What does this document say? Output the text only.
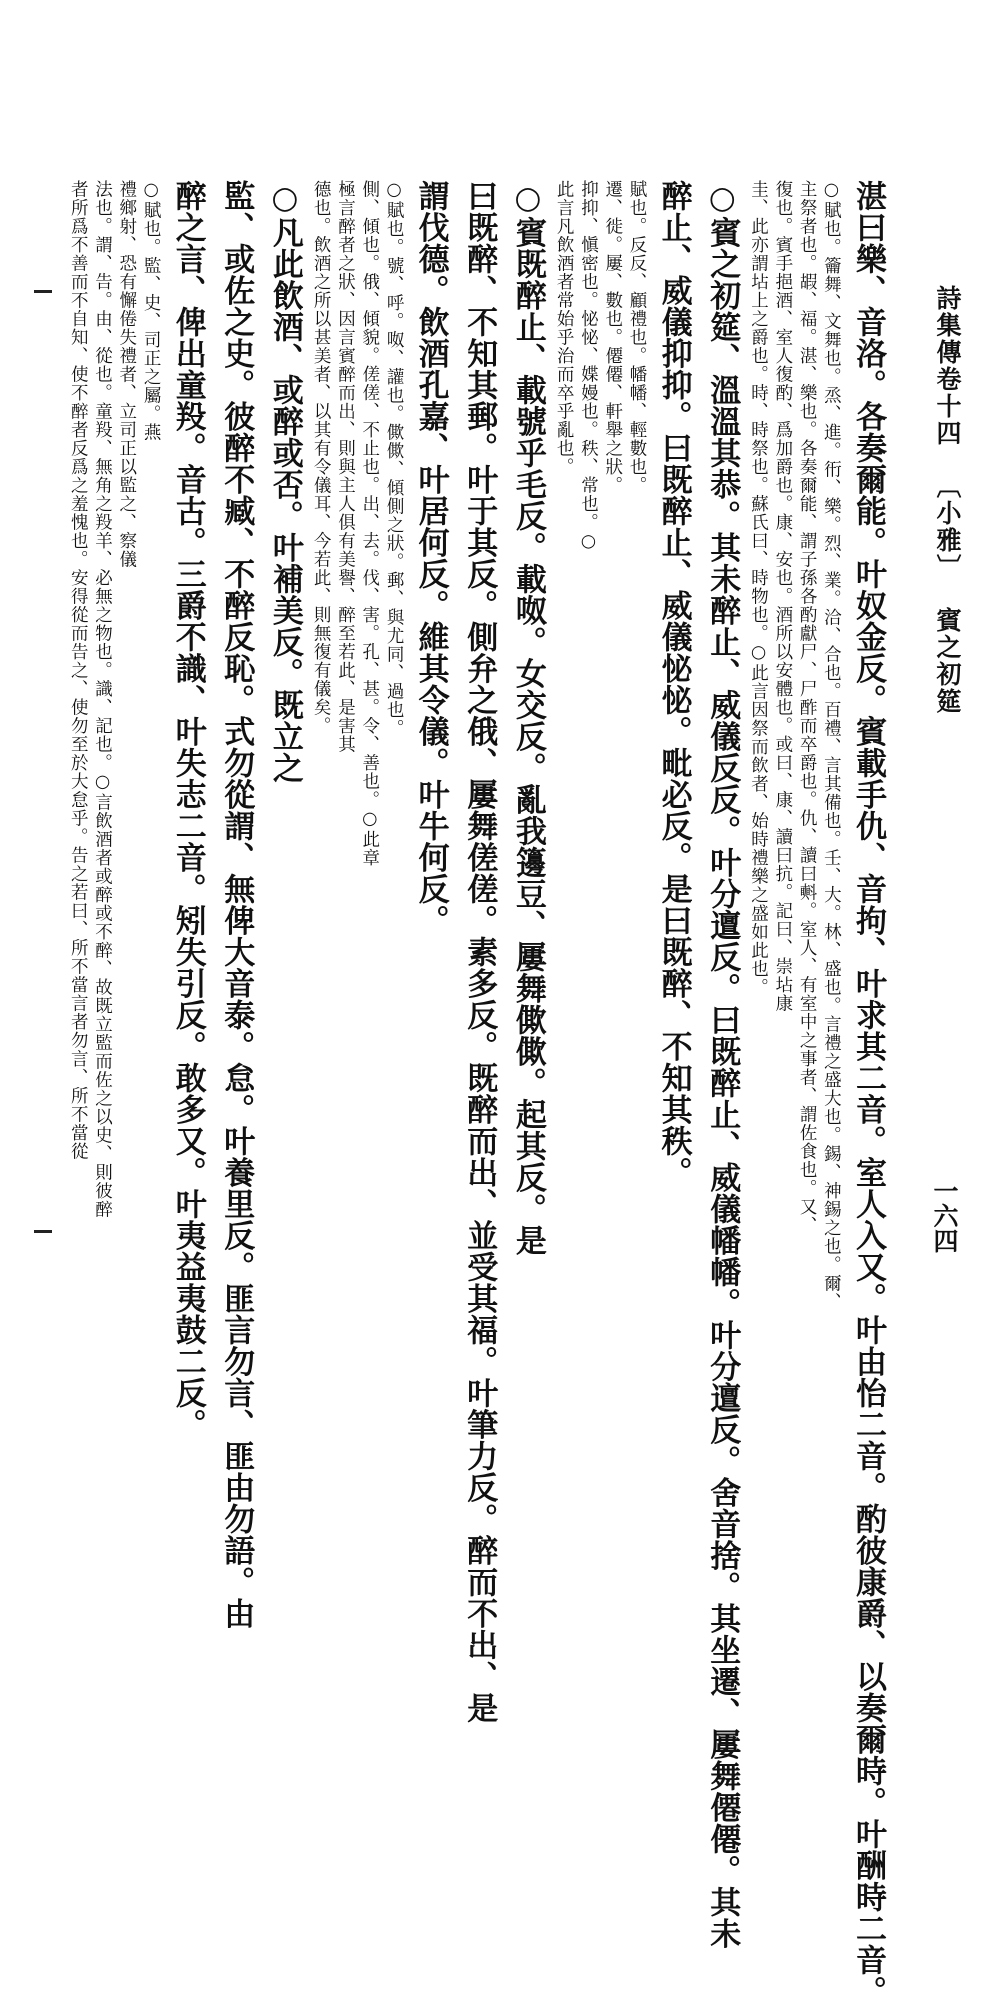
詩集傳卷十四〔小雅〕賓之初筵
一六四
湛曰樂、音洛。各奏爾能。叶奴金反。賓載手仇、音拘、叶求其二音。室人入又。叶由怡二音。酌彼康爵、以奏爾時。叶酬時二音。
○賦也。籥舞、文舞也。烝、進。衎、樂。烈、業。洽、合也。百禮、言其備也。壬、大。林、盛也。言禮之盛大也。錫、神錫之也。爾、
主祭者也。嘏、福。湛、樂也。各奏爾能、謂子孫各酌獻尸、尸酢而卒爵也。仇、讀曰㪺。室人、有室中之事者、謂佐食也。又、
復也。賓手挹酒、室人復酌、爲加爵也。康、安也。酒所以安體也。或曰、康、讀曰抗。記曰、崇坫康
圭、此亦謂坫上之爵也。時、時祭也。蘇氏曰、時物也。○此言因祭而飲者、始時禮樂之盛如此也。
○賓之初筵、溫溫其恭。其未醉止、威儀反反。叶分邅反。曰既醉止、威儀幡幡。叶分邅反。舍音捨。其坐遷、屢舞僊僊。其未
醉止、威儀抑抑。曰既醉止、威儀怭怭。毗必反。是曰既醉、不知其秩。
賦也。反反、顧禮也。幡幡、輕數也。
遷、徙。屢、數也。僊僊、軒舉之狀。
抑抑、愼密也。怭怭、媟嫚也。秩、常也。○
此言凡飲酒者常始乎治而卒乎亂也。
○賓既醉止、載號乎毛反。載呶。女交反。亂我籩豆、屢舞僛僛。起其反。是
曰既醉、不知其郵。叶于其反。側弁之俄、屢舞傞傞。素多反。既醉而出、並受其福。叶筆力反。醉而不出、是
謂伐德。飲酒孔嘉、叶居何反。維其令儀。叶牛何反。
○賦也。號、呼。呶、讙也。僛僛、傾側之狀。郵、與尤同、過也。
側、傾也。俄、傾貌。傞傞、不止也。出、去。伐、害。孔、甚。令、善也。○此章
極言醉者之狀、因言賓醉而出、則與主人俱有美譽、醉至若此、是害其
德也。飲酒之所以甚美者、以其有令儀耳、今若此、則無復有儀矣。
○凡此飲酒、或醉或否。叶補美反。既立之
監、或佐之史。彼醉不臧、不醉反恥。式勿從謂、無俾大音泰。怠。叶養里反。匪言勿言、匪由勿語。由
醉之言、俾出童羖。音古。三爵不識、叶失志二音。矧失引反。敢多又。叶夷益夷鼓二反。
○賦也。監、史、司正之屬。燕
禮鄉射、恐有懈倦失禮者、立司正以監之、察儀
法也。謂、告。由、從也。童羖、無角之羖羊、必無之物也。識、記也。○言飲酒者或醉或不醉、故既立監而佐之以史、則彼醉
者所爲不善而不自知、使不醉者反爲之羞愧也。安得從而告之、使勿至於大怠乎。告之若曰、所不當言者勿言、所不當從
